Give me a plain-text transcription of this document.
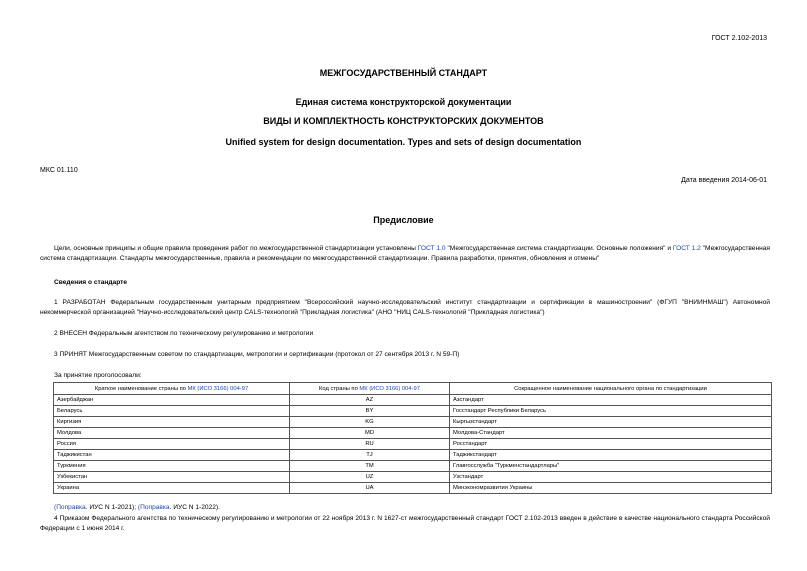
ГОСТ 2.102-2013
МЕЖГОСУДАРСТВЕННЫЙ СТАНДАРТ
Единая система конструкторской документации
ВИДЫ И КОМПЛЕКТНОСТЬ КОНСТРУКТОРСКИХ ДОКУМЕНТОВ
Unified system for design documentation. Types and sets of design documentation
МКС 01.110
Дата введения 2014-06-01
Предисловие
Цели, основные принципы и общие правила проведения работ по межгосударственной стандартизации установлены ГОСТ 1.0 "Межгосударственная система стандартизации. Основные положения" и ГОСТ 1.2 "Межгосударственная система стандартизации. Стандарты межгосударственные, правила и рекомендации по межгосударственной стандартизации. Правила разработки, принятия, обновления и отмены"
Сведения о стандарте
1 РАЗРАБОТАН Федеральным государственным унитарным предприятием "Всероссийский научно-исследовательский институт стандартизации и сертификации в машиностроении" (ФГУП "ВНИИНМАШ") Автономной некоммерческой организацией "Научно-исследовательский центр CALS-технологий "Прикладная логистика" (АНО "НИЦ CALS-технологий "Прикладная логистика")
2 ВНЕСЕН Федеральным агентством по техническому регулированию и метрологии
3 ПРИНЯТ Межгосударственным советом по стандартизации, метрологии и сертификации (протокол от 27 сентября 2013 г. N 59-П)
За принятие проголосовали:
Краткое наименование страны по МК (ИСО 3166) 004-97	Код страны по МК (ИСО 3166) 004-97	Сокращенное наименование национального органа по стандартизации
Азербайджан	AZ	Азстандарт
Беларусь	BY	Госстандарт Республики Беларусь
Киргизия	KG	Кыргызстандарт
Молдова	MD	Молдова-Стандарт
Россия	RU	Росстандарт
Таджикистан	TJ	Таджикстандарт
Туркмения	TM	Главгосслужба "Туркменстандартлары"
Узбекистан	UZ	Узстандарт
Украина	UA	Минэкономразвития Украины
(Поправка. ИУС N 1-2021); (Поправка. ИУС N 1-2022).
4 Приказом Федерального агентства по техническому регулированию и метрологии от 22 ноября 2013 г. N 1627-ст межгосударственный стандарт ГОСТ 2.102-2013 введен в действие в качестве национального стандарта Российской Федерации с 1 июня 2014 г.
